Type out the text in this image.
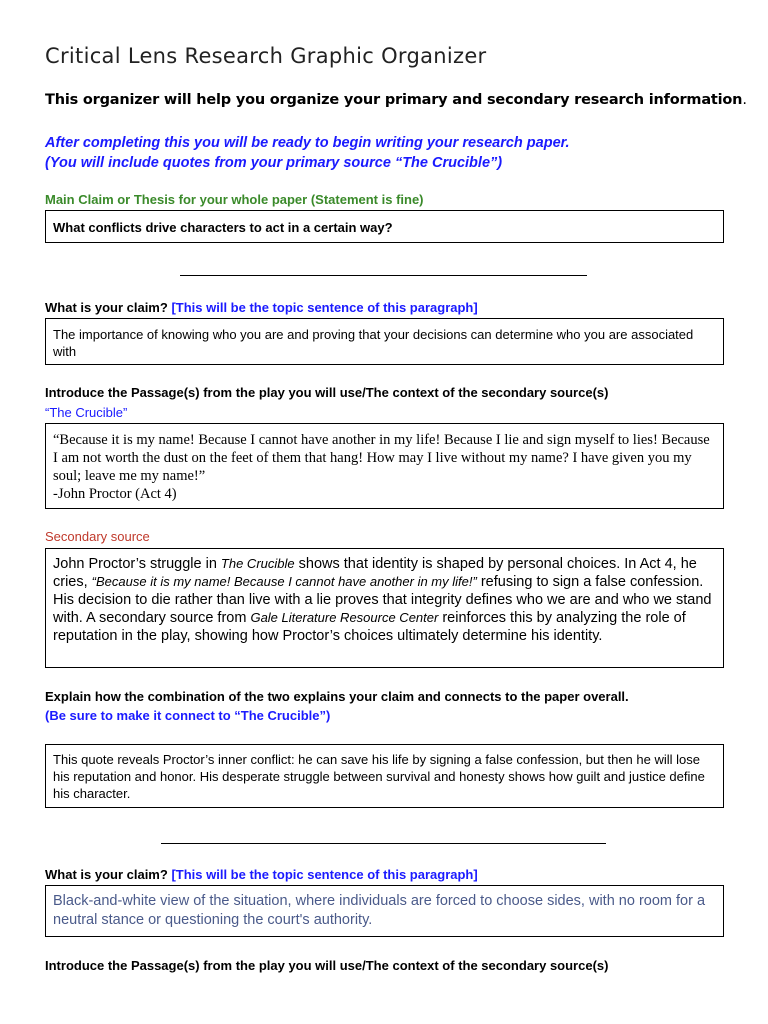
Critical Lens Research Graphic Organizer
This organizer will help you organize your primary and secondary research information.
After completing this you will be ready to begin writing your research paper.
(You will include quotes from your primary source “The Crucible”)
Main Claim or Thesis for your whole paper (Statement is fine)
What conflicts drive characters to act in a certain way?
What is your claim? [This will be the topic sentence of this paragraph]
The importance of knowing who you are and proving that your decisions can determine who you are associated with
Introduce the Passage(s) from the play you will use/The context of the secondary source(s)
“The Crucible”
“Because it is my name! Because I cannot have another in my life! Because I lie and sign myself to lies! Because I am not worth the dust on the feet of them that hang! How may I live without my name? I have given you my soul; leave me my name!”
-John Proctor (Act 4)
Secondary source
John Proctor’s struggle in The Crucible shows that identity is shaped by personal choices. In Act 4, he cries, “Because it is my name! Because I cannot have another in my life!” refusing to sign a false confession. His decision to die rather than live with a lie proves that integrity defines who we are and who we stand with. A secondary source from Gale Literature Resource Center reinforces this by analyzing the role of reputation in the play, showing how Proctor’s choices ultimately determine his identity.
Explain how the combination of the two explains your claim and connects to the paper overall.
(Be sure to make it connect to “The Crucible”)
This quote reveals Proctor’s inner conflict: he can save his life by signing a false confession, but then he will lose his reputation and honor. His desperate struggle between survival and honesty shows how guilt and justice define his character.
What is your claim? [This will be the topic sentence of this paragraph]
Black-and-white view of the situation, where individuals are forced to choose sides, with no room for a neutral stance or questioning the court's authority.
Introduce the Passage(s) from the play you will use/The context of the secondary source(s)
